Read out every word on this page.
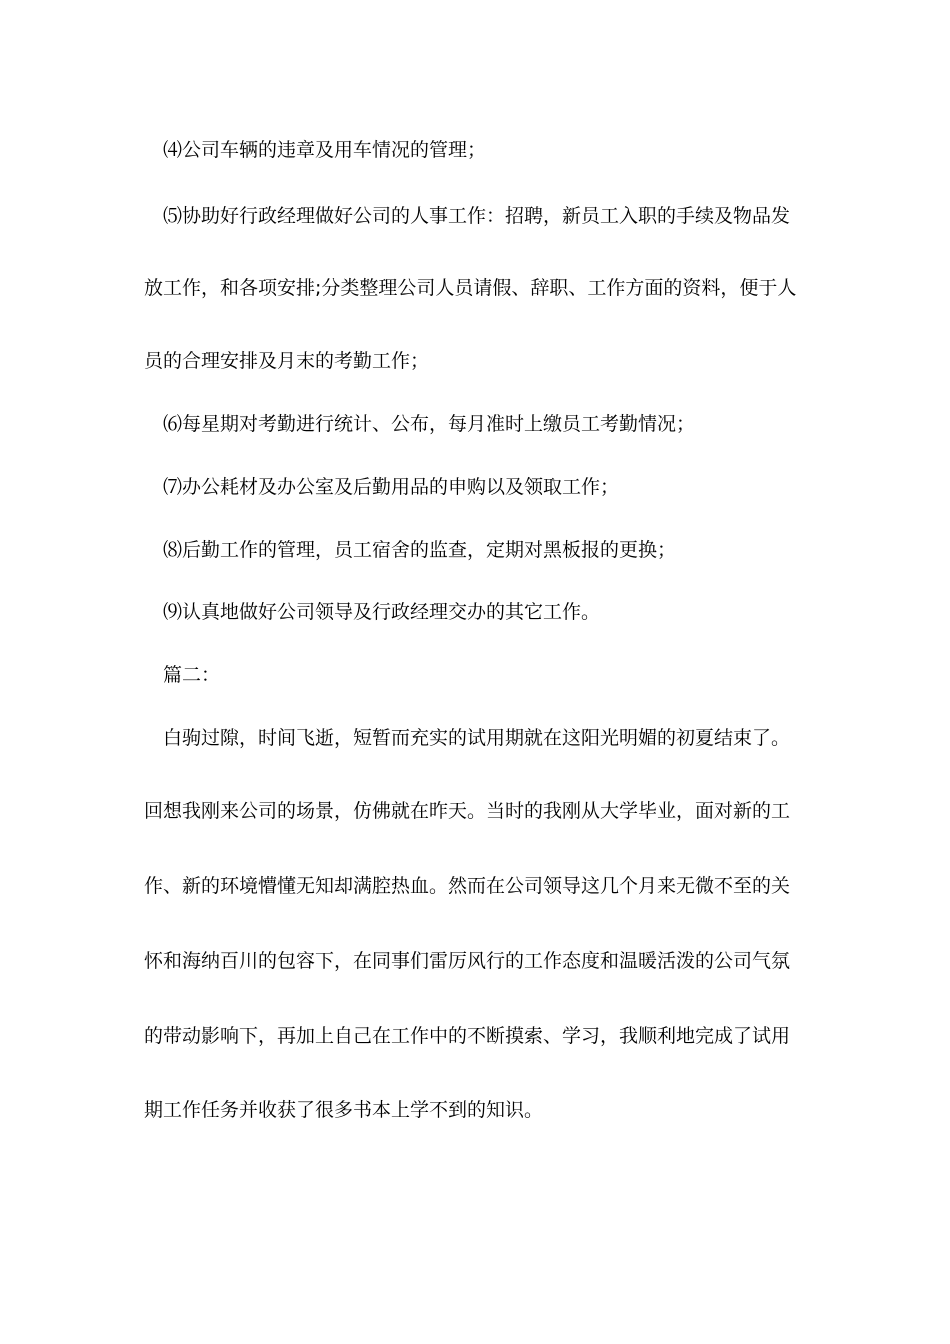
⑷公司车辆的违章及用车情况的管理；
⑸协助好行政经理做好公司的人事工作：招聘，新员工入职的手续及物品发
放工作，和各项安排;分类整理公司人员请假、辞职、工作方面的资料，便于人
员的合理安排及月末的考勤工作；
⑹每星期对考勤进行统计、公布，每月准时上缴员工考勤情况；
⑺办公耗材及办公室及后勤用品的申购以及领取工作；
⑻后勤工作的管理，员工宿舍的监查，定期对黑板报的更换；
⑼认真地做好公司领导及行政经理交办的其它工作。
篇二：
白驹过隙，时间飞逝，短暂而充实的试用期就在这阳光明媚的初夏结束了。
回想我刚来公司的场景，仿佛就在昨天。当时的我刚从大学毕业，面对新的工
作、新的环境懵懂无知却满腔热血。然而在公司领导这几个月来无微不至的关
怀和海纳百川的包容下，在同事们雷厉风行的工作态度和温暖活泼的公司气氛
的带动影响下，再加上自己在工作中的不断摸索、学习，我顺利地完成了试用
期工作任务并收获了很多书本上学不到的知识。
